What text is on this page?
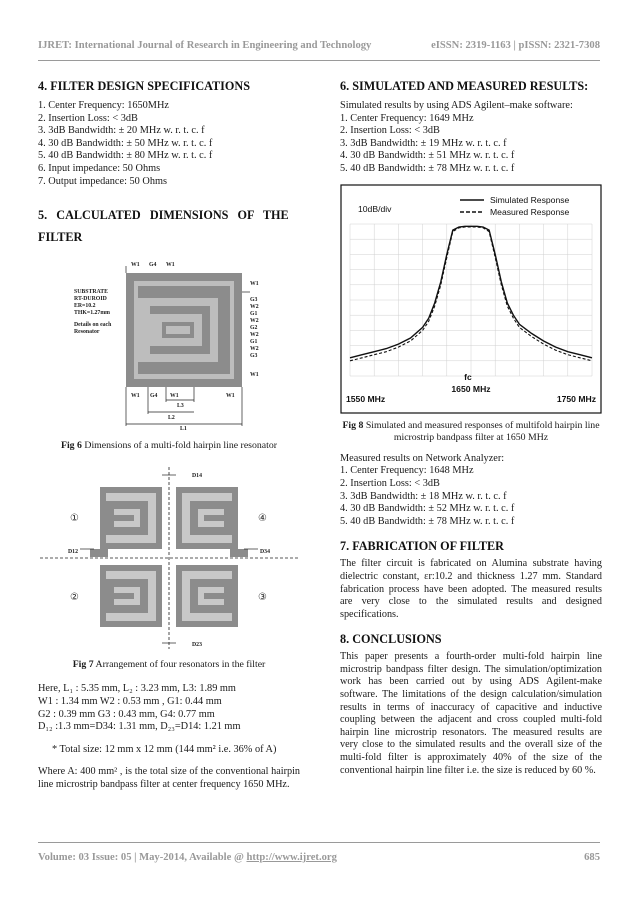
IJRET: International Journal of Research in Engineering and Technology	eISSN: 2319-1163 | pISSN: 2321-7308
4. FILTER DESIGN SPECIFICATIONS
1. Center Frequency: 1650MHz
2. Insertion Loss: < 3dB
3. 3dB Bandwidth: ± 20 MHz w. r. t. c. f
4. 30 dB Bandwidth: ± 50 MHz w. r. t. c. f
5. 40 dB Bandwidth: ± 80 MHz w. r. t. c. f
6. Input impedance: 50 Ohms
7. Output impedance: 50 Ohms
5.   CALCULATED   DIMENSIONS   OF   THE
FILTER
W1 G4 W1
SUBSTRATE
RT-DUROID
ER=10.2
THK=1.27mm
Details on each
Resonator
W1
G3
W2
G1
W2
G2
W2
G1
W2
G3
W1
W1 G4 W1	W1
L3
L2
L1
Fig 6 Dimensions of a multi-fold hairpin line resonator
D14
D12	D34
D23
①
②	③
④
Fig 7 Arrangement of four resonators in the filter
Here, L₁ : 5.35 mm, L₂ : 3.23 mm, L3: 1.89 mm
W1 : 1.34 mm W2 : 0.53 mm , G1: 0.44 mm
G2 : 0.39 mm G3 : 0.43 mm, G4: 0.77 mm
D₁₂ :1.3 mm=D34: 1.31 mm, D₂₃=D14: 1.21 mm
* Total size: 12 mm x 12 mm (144 mm² i.e. 36% of A)
Where A: 400 mm² , is the total size of the conventional hairpin line microstrip bandpass filter at center frequency 1650 MHz.
6. SIMULATED AND MEASURED RESULTS:
Simulated results by using ADS Agilent–make software:
1. Center Frequency: 1649 MHz
2. Insertion Loss: < 3dB
3. 3dB Bandwidth: ± 19 MHz w. r. t. c. f
4. 30 dB Bandwidth: ± 51 MHz w. r. t. c. f
5. 40 dB Bandwidth: ± 78 MHz w. r. t. c. f
10dB/div
Simulated Response
Measured Response
fc
1550 MHz
1650 MHz
1750 MHz
Fig 8 Simulated and measured responses of multifold hairpin line microstrip bandpass filter at 1650 MHz
Measured results on Network Analyzer:
1. Center Frequency: 1648 MHz
2. Insertion Loss: < 3dB
3. 3dB Bandwidth: ± 18 MHz w. r. t. c. f
4. 30 dB Bandwidth: ± 52 MHz w. r. t. c. f
5. 40 dB Bandwidth: ± 78 MHz w. r. t. c. f
7. FABRICATION OF FILTER
The filter circuit is fabricated on Alumina substrate having dielectric constant, εr:10.2 and thickness 1.27 mm. Standard fabrication process have been adopted. The measured results are very close to the simulated results and designed specifications.
8. CONCLUSIONS
This paper presents a fourth-order multi-fold hairpin line microstrip bandpass filter design. The simulation/optimization work has been carried out by using ADS Agilent-make software. The limitations of the design calculation/simulation results in terms of inaccuracy of capacitive and inductive coupling between the adjacent and cross coupled multi-fold hairpin line microstrip resonators. The measured results are very close to the simulated results and the overall size of the multi-fold filter is approximately 40% of the size of the conventional hairpin line filter i.e. the size is reduced by 60 %.
Volume: 03 Issue: 05 | May-2014, Available @ http://www.ijret.org	685
